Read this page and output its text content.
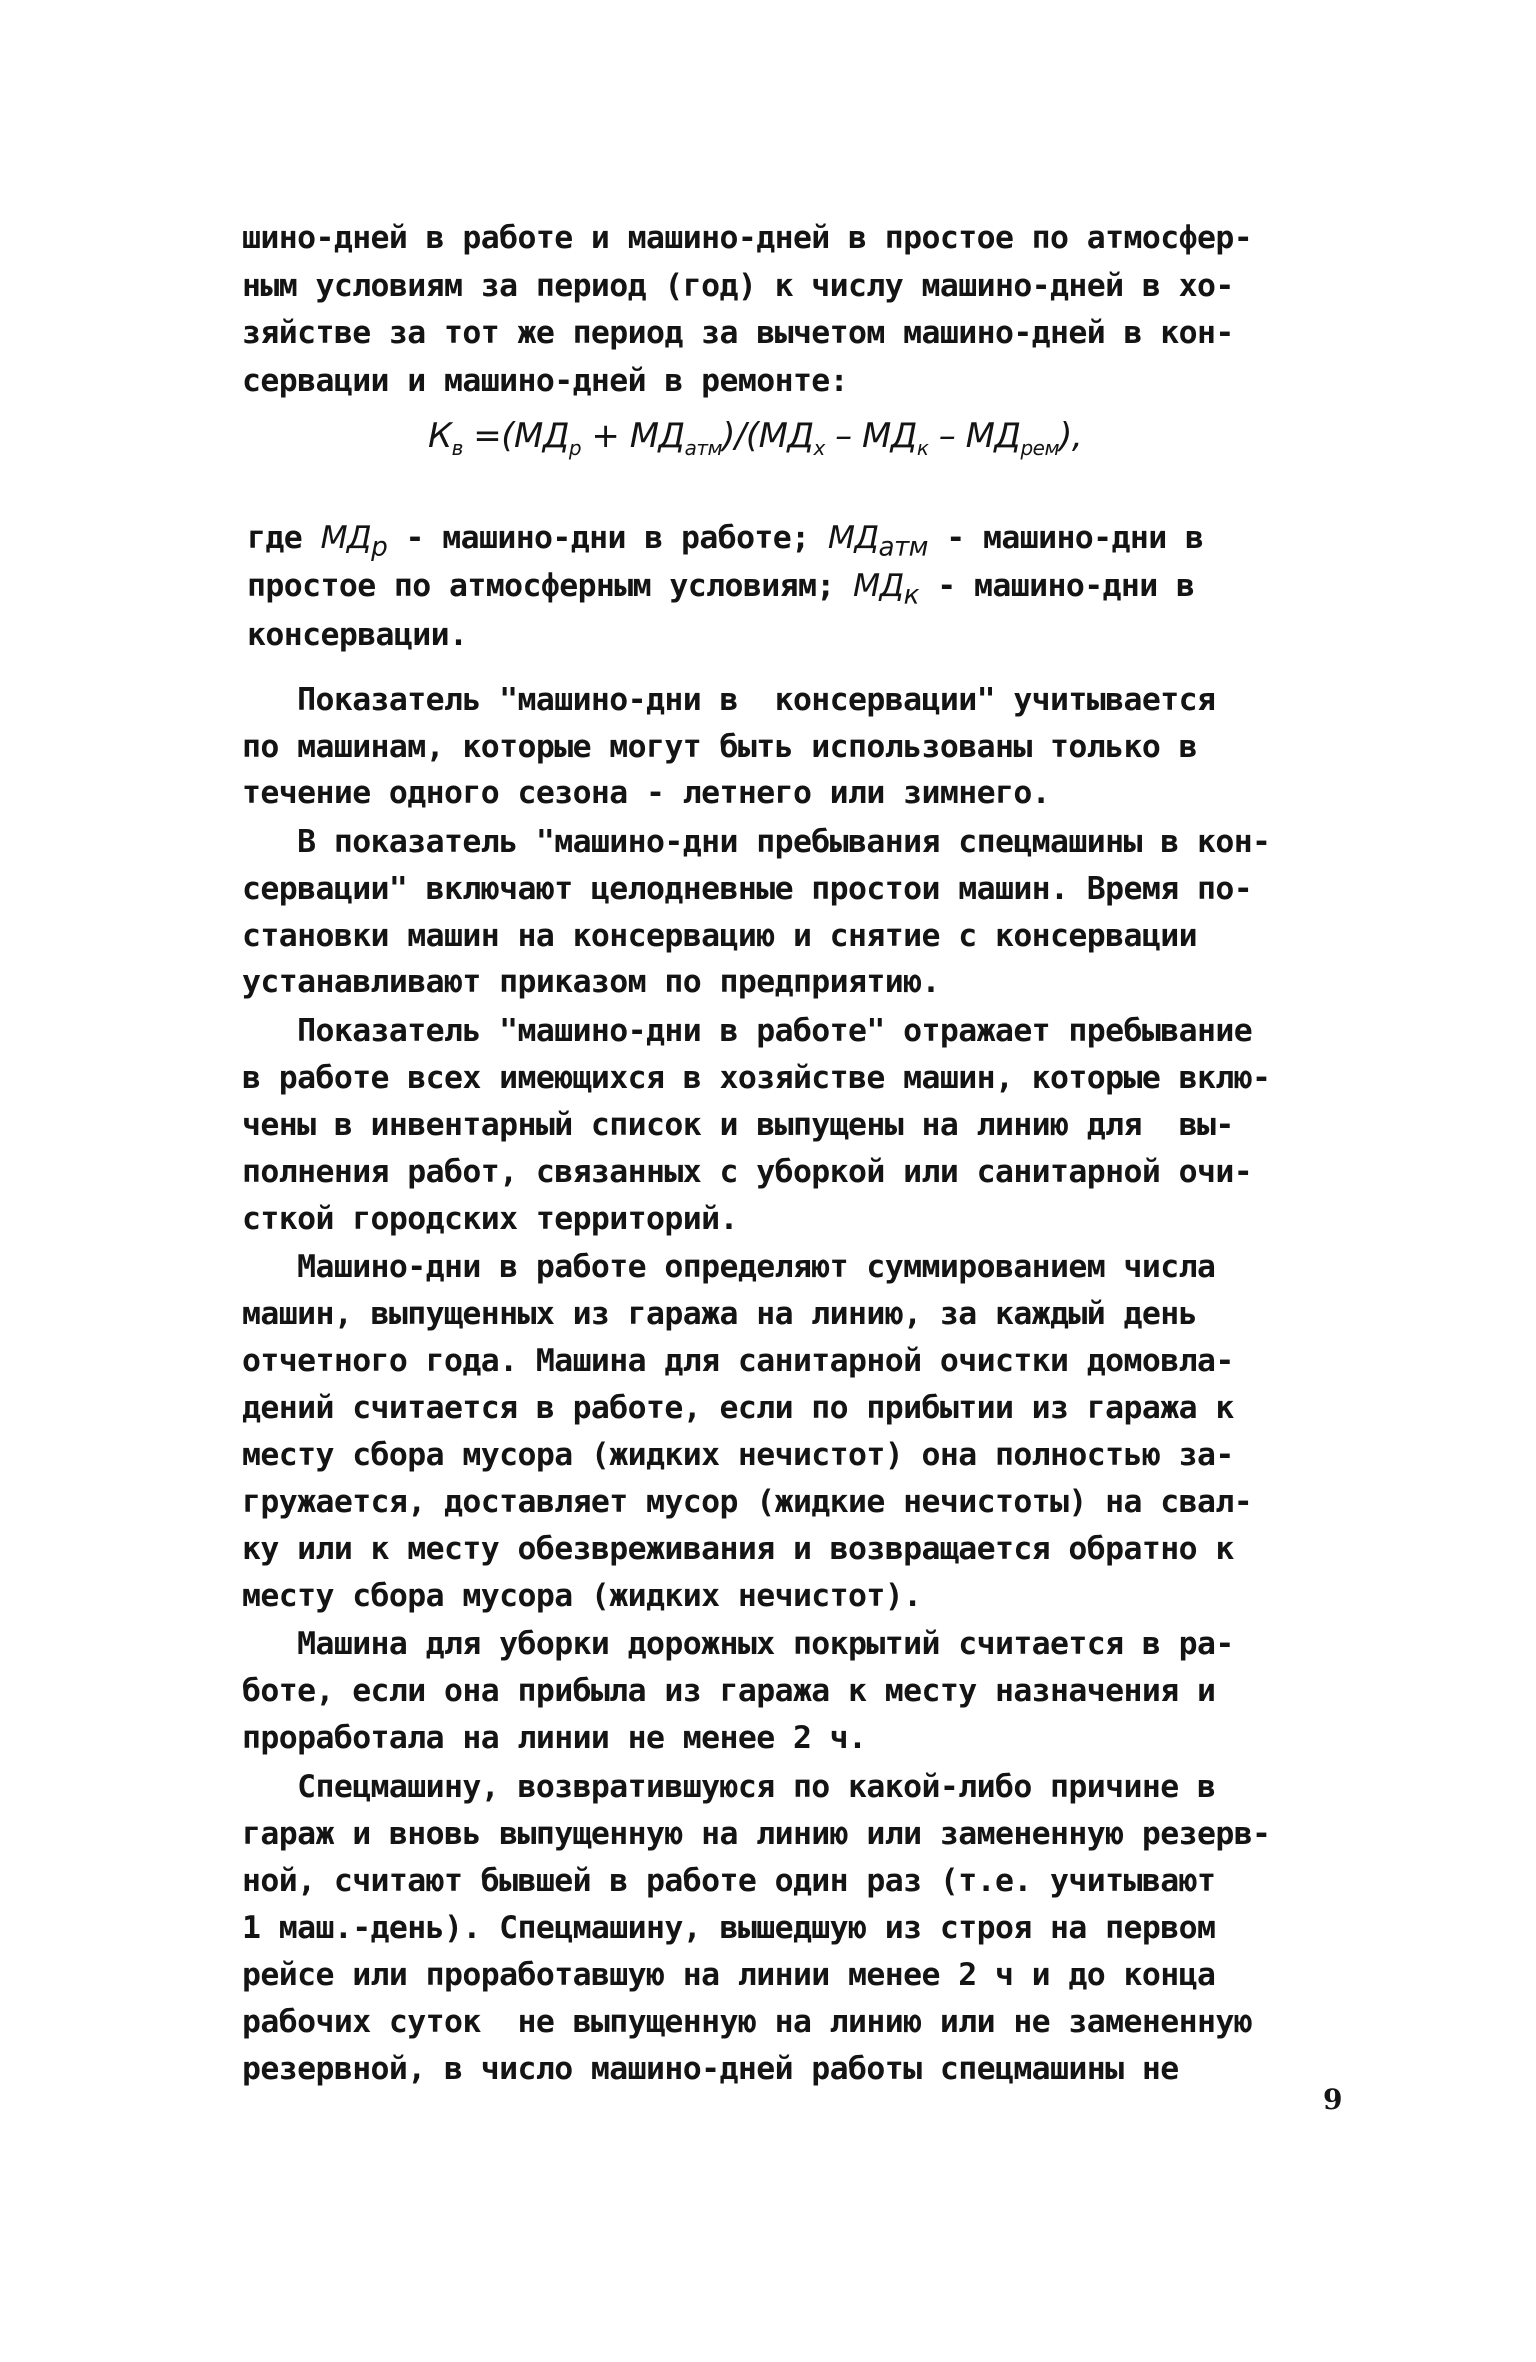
шино-дней в работе и машино-дней в простое по атмосфер-
ным условиям за период (год) к числу машино-дней в хо-
зяйстве за тот же период за вычетом машино-дней в кон-
сервации и машино-дней в ремонте:
$К_в =(МД_р + МД_{атм})/(МД_х - МД_к - МД_{рем})$,
где $МД_р$ - машино-дни в работе; $МД_{атм}$ - машино-дни в
простое по атмосферным условиям; $МД_к$ - машино-дни в
консервации.
Показатель "машино-дни в  консервации" учитывается
по машинам, которые могут быть использованы только в
течение одного сезона - летнего или зимнего.
В показатель "машино-дни пребывания спецмашины в кон-
сервации" включают целодневные простои машин. Время по-
становки машин на консервацию и снятие с консервации
устанавливают приказом по предприятию.
Показатель "машино-дни в работе" отражает пребывание
в работе всех имеющихся в хозяйстве машин, которые вклю-
чены в инвентарный список и выпущены на линию для  вы-
полнения работ, связанных с уборкой или санитарной очи-
сткой городских территорий.
Машино-дни в работе определяют суммированием числа
машин, выпущенных из гаража на линию, за каждый день
отчетного года. Машина для санитарной очистки домовла-
дений считается в работе, если по прибытии из гаража к
месту сбора мусора (жидких нечистот) она полностью за-
гружается, доставляет мусор (жидкие нечистоты) на свал-
ку или к месту обезвреживания и возвращается обратно к
месту сбора мусора (жидких нечистот).
Машина для уборки дорожных покрытий считается в ра-
боте, если она прибыла из гаража к месту назначения и
проработала на линии не менее 2 ч.
Спецмашину, возвратившуюся по какой-либо причине в
гараж и вновь выпущенную на линию или замененную резерв-
ной, считают бывшей в работе один раз (т.е. учитывают
1 маш.-день). Спецмашину, вышедшую из строя на первом
рейсе или проработавшую на линии менее 2 ч и до конца
рабочих суток  не выпущенную на линию или не замененную
резервной, в число машино-дней работы спецмашины не
9
